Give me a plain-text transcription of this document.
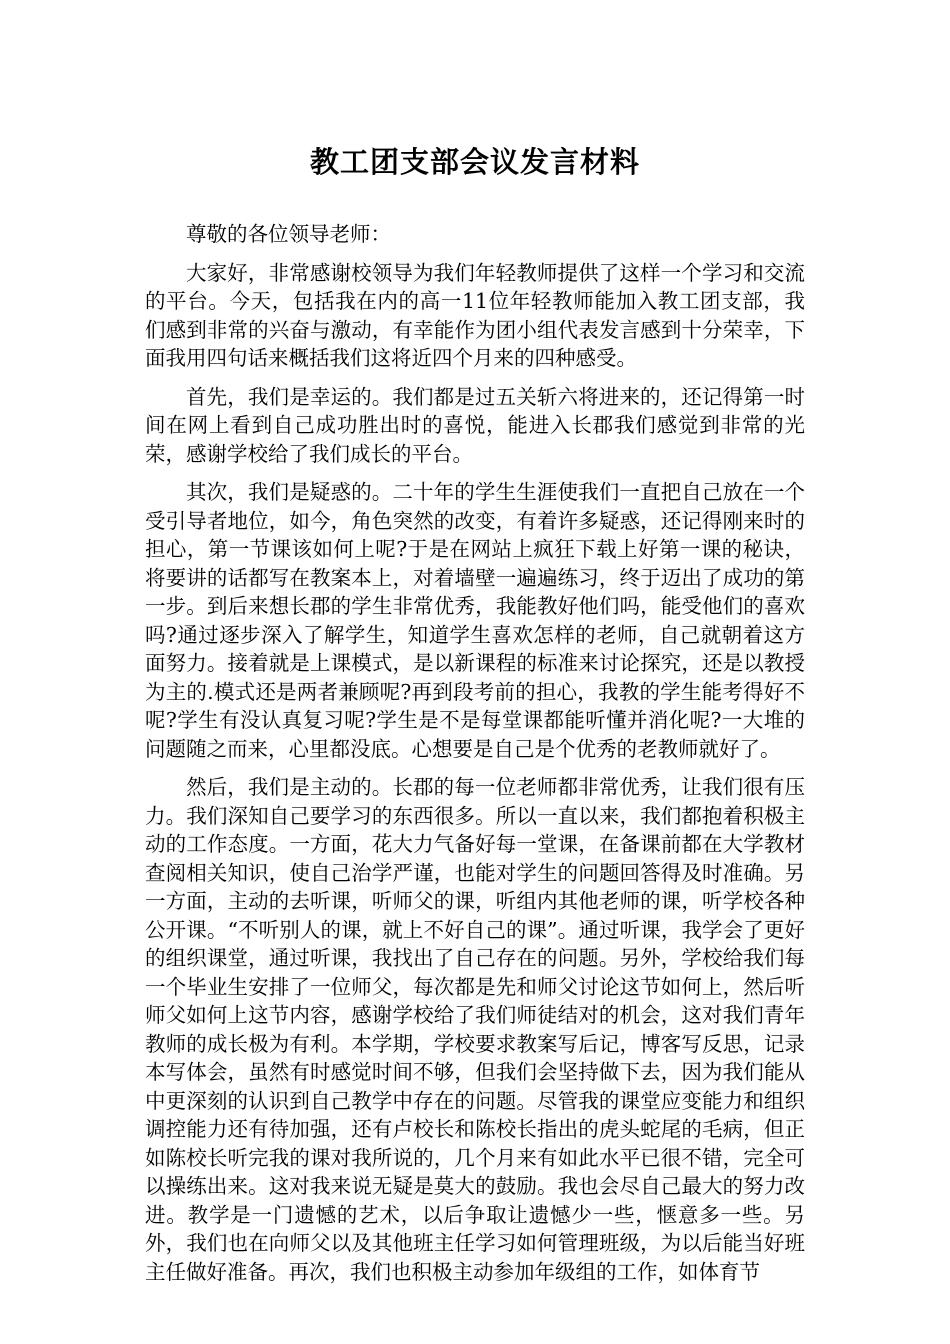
教工团支部会议发言材料

尊敬的各位领导老师：

大家好，非常感谢校领导为我们年轻教师提供了这样一个学习和交流的平台。今天，包括我在内的高一11位年轻教师能加入教工团支部，我们感到非常的兴奋与激动，有幸能作为团小组代表发言感到十分荣幸，下面我用四句话来概括我们这将近四个月来的四种感受。

首先，我们是幸运的。我们都是过五关斩六将进来的，还记得第一时间在网上看到自己成功胜出时的喜悦，能进入长郡我们感觉到非常的光荣，感谢学校给了我们成长的平台。

其次，我们是疑惑的。二十年的学生生涯使我们一直把自己放在一个受引导者地位，如今，角色突然的改变，有着许多疑惑，还记得刚来时的担心，第一节课该如何上呢?于是在网站上疯狂下载上好第一课的秘诀，将要讲的话都写在教案本上，对着墙壁一遍遍练习，终于迈出了成功的第一步。到后来想长郡的学生非常优秀，我能教好他们吗，能受他们的喜欢吗?通过逐步深入了解学生，知道学生喜欢怎样的老师，自己就朝着这方面努力。接着就是上课模式，是以新课程的标准来讨论探究，还是以教授为主的.模式还是两者兼顾呢?再到段考前的担心，我教的学生能考得好不呢?学生有没认真复习呢?学生是不是每堂课都能听懂并消化呢?一大堆的问题随之而来，心里都没底。心想要是自己是个优秀的老教师就好了。

然后，我们是主动的。长郡的每一位老师都非常优秀，让我们很有压力。我们深知自己要学习的东西很多。所以一直以来，我们都抱着积极主动的工作态度。一方面，花大力气备好每一堂课，在备课前都在大学教材查阅相关知识，使自己治学严谨，也能对学生的问题回答得及时准确。另一方面，主动的去听课，听师父的课，听组内其他老师的课，听学校各种公开课。“不听别人的课，就上不好自己的课”。通过听课，我学会了更好的组织课堂，通过听课，我找出了自己存在的问题。另外，学校给我们每一个毕业生安排了一位师父，每次都是先和师父讨论这节如何上，然后听师父如何上这节内容，感谢学校给了我们师徒结对的机会，这对我们青年教师的成长极为有利。本学期，学校要求教案写后记，博客写反思，记录本写体会，虽然有时感觉时间不够，但我们会坚持做下去，因为我们能从中更深刻的认识到自己教学中存在的问题。尽管我的课堂应变能力和组织调控能力还有待加强，还有卢校长和陈校长指出的虎头蛇尾的毛病，但正如陈校长听完我的课对我所说的，几个月来有如此水平已很不错，完全可以操练出来。这对我来说无疑是莫大的鼓励。我也会尽自己最大的努力改进。教学是一门遗憾的艺术，以后争取让遗憾少一些，惬意多一些。另外，我们也在向师父以及其他班主任学习如何管理班级，为以后能当好班主任做好准备。再次，我们也积极主动参加年级组的工作，如体育节
